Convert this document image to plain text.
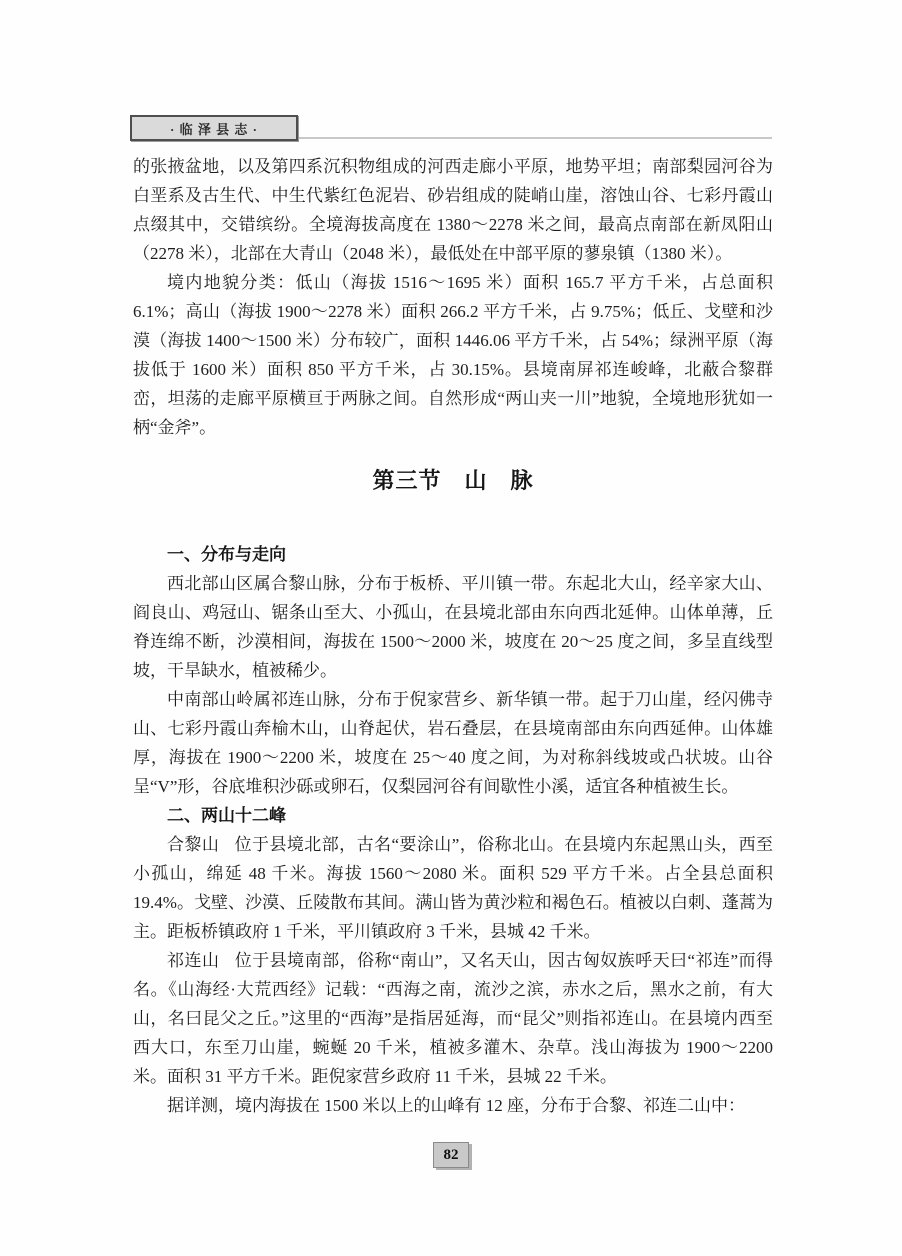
· 临 泽 县 志 ·

的张掖盆地，以及第四系沉积物组成的河西走廊小平原，地势平坦；南部梨园河谷为白垩系及古生代、中生代紫红色泥岩、砂岩组成的陡峭山崖，溶蚀山谷、七彩丹霞山点缀其中，交错缤纷。全境海拔高度在 1380～2278 米之间，最高点南部在新凤阳山（2278 米），北部在大青山（2048 米），最低处在中部平原的蓼泉镇（1380 米）。

境内地貌分类：低山（海拔 1516～1695 米）面积 165.7 平方千米，占总面积 6.1%；高山（海拔 1900～2278 米）面积 266.2 平方千米，占 9.75%；低丘、戈壁和沙漠（海拔 1400～1500 米）分布较广，面积 1446.06 平方千米，占 54%；绿洲平原（海拔低于 1600 米）面积 850 平方千米，占 30.15%。县境南屏祁连峻峰，北蔽合黎群峦，坦荡的走廊平原横亘于两脉之间。自然形成“两山夹一川”地貌，全境地形犹如一柄“金斧”。

第三节　山　脉
一、分布与走向

西北部山区属合黎山脉，分布于板桥、平川镇一带。东起北大山，经辛家大山、阎良山、鸡冠山、锯条山至大、小孤山，在县境北部由东向西北延伸。山体单薄，丘脊连绵不断，沙漠相间，海拔在 1500～2000 米，坡度在 20～25 度之间，多呈直线型坡，干旱缺水，植被稀少。

中南部山岭属祁连山脉，分布于倪家营乡、新华镇一带。起于刀山崖，经闪佛寺山、七彩丹霞山奔榆木山，山脊起伏，岩石叠层，在县境南部由东向西延伸。山体雄厚，海拔在 1900～2200 米，坡度在 25～40 度之间，为对称斜线坡或凸状坡。山谷呈“V”形，谷底堆积沙砾或卵石，仅梨园河谷有间歇性小溪，适宜各种植被生长。

二、两山十二峰

合黎山 位于县境北部，古名“要涂山”，俗称北山。在县境内东起黑山头，西至小孤山，绵延 48 千米。海拔 1560～2080 米。面积 529 平方千米。占全县总面积 19.4%。戈壁、沙漠、丘陵散布其间。满山皆为黄沙粒和褐色石。植被以白刺、蓬蒿为主。距板桥镇政府 1 千米，平川镇政府 3 千米，县城 42 千米。

祁连山 位于县境南部，俗称“南山”，又名天山，因古匈奴族呼天曰“祁连”而得名。《山海经·大荒西经》记载：“西海之南，流沙之滨，赤水之后，黑水之前，有大山，名曰昆父之丘。”这里的“西海”是指居延海，而“昆父”则指祁连山。在县境内西至西大口，东至刀山崖，蜿蜒 20 千米，植被多灌木、杂草。浅山海拔为 1900～2200 米。面积 31 平方千米。距倪家营乡政府 11 千米，县城 22 千米。

据详测，境内海拔在 1500 米以上的山峰有 12 座，分布于合黎、祁连二山中：

82
